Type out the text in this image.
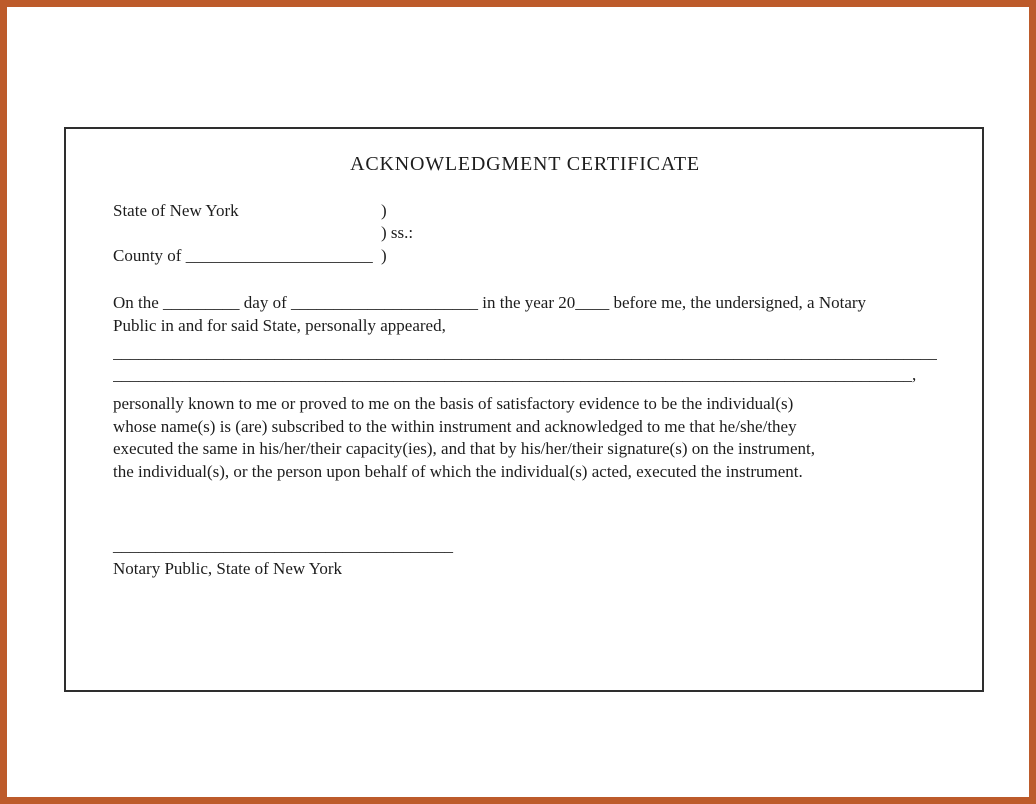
ACKNOWLEDGMENT CERTIFICATE
State of New York	)
) ss.:
County of ______________________ )
On the _________ day of ______________________ in the year 20____ before me, the undersigned, a Notary
Public in and for said State, personally appeared,
_________________________________________________________________________________________________
______________________________________________________________________________________________,
personally known to me or proved to me on the basis of satisfactory evidence to be the individual(s)
whose name(s) is (are) subscribed to the within instrument and acknowledged to me that he/she/they
executed the same in his/her/their capacity(ies), and that by his/her/their signature(s) on the instrument,
the individual(s), or the person upon behalf of which the individual(s) acted, executed the instrument.
________________________________________
Notary Public, State of New York
